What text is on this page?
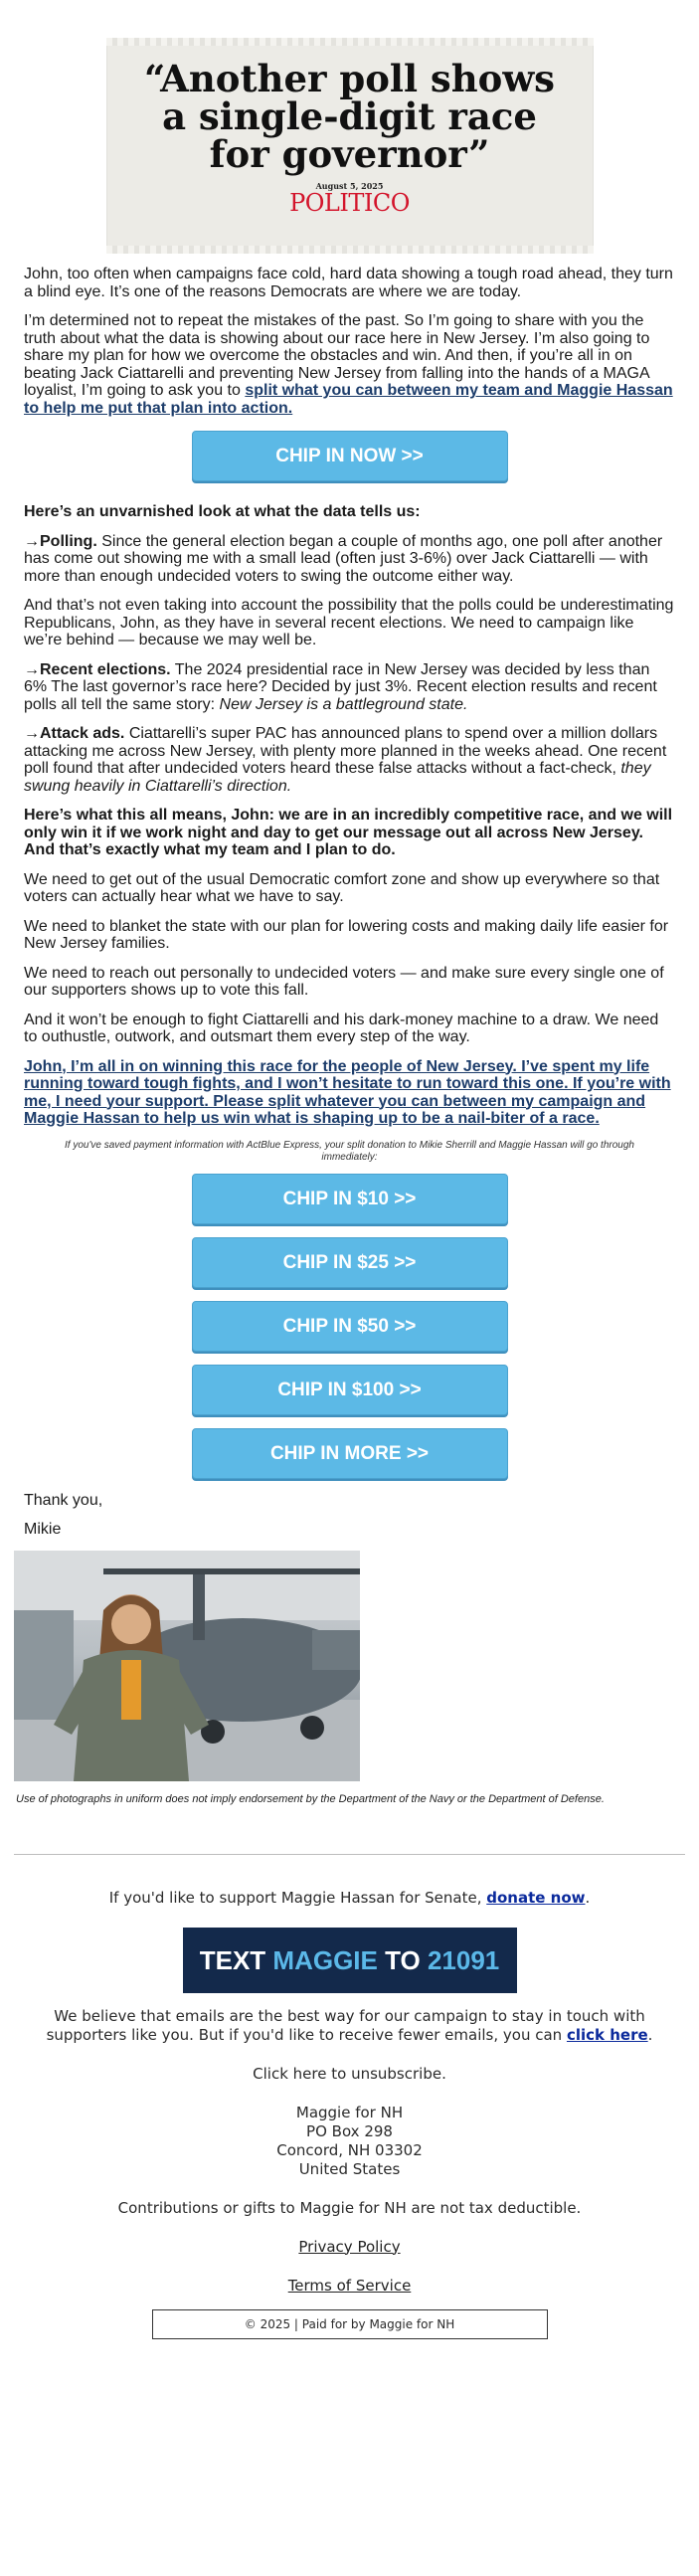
“Another poll shows a single-digit race for governor”
August 5, 2025
POLITICO

John, too often when campaigns face cold, hard data showing a tough road ahead, they turn a blind eye. It’s one of the reasons Democrats are where we are today.

I’m determined not to repeat the mistakes of the past. So I’m going to share with you the truth about what the data is showing about our race here in New Jersey. I’m also going to share my plan for how we overcome the obstacles and win. And then, if you’re all in on beating Jack Ciattarelli and preventing New Jersey from falling into the hands of a MAGA loyalist, I’m going to ask you to split what you can between my team and Maggie Hassan to help me put that plan into action.

CHIP IN NOW >>

Here’s an unvarnished look at what the data tells us:

→Polling. Since the general election began a couple of months ago, one poll after another has come out showing me with a small lead (often just 3-6%) over Jack Ciattarelli — with more than enough undecided voters to swing the outcome either way.

And that’s not even taking into account the possibility that the polls could be underestimating Republicans, John, as they have in several recent elections. We need to campaign like we’re behind — because we may well be.

→Recent elections. The 2024 presidential race in New Jersey was decided by less than 6% The last governor’s race here? Decided by just 3%. Recent election results and recent polls all tell the same story: New Jersey is a battleground state.

→Attack ads. Ciattarelli’s super PAC has announced plans to spend over a million dollars attacking me across New Jersey, with plenty more planned in the weeks ahead. One recent poll found that after undecided voters heard these false attacks without a fact-check, they swung heavily in Ciattarelli’s direction.

Here’s what this all means, John: we are in an incredibly competitive race, and we will only win it if we work night and day to get our message out all across New Jersey. And that’s exactly what my team and I plan to do.

We need to get out of the usual Democratic comfort zone and show up everywhere so that voters can actually hear what we have to say.

We need to blanket the state with our plan for lowering costs and making daily life easier for New Jersey families.

We need to reach out personally to undecided voters — and make sure every single one of our supporters shows up to vote this fall.

And it won’t be enough to fight Ciattarelli and his dark-money machine to a draw. We need to outhustle, outwork, and outsmart them every step of the way.

John, I’m all in on winning this race for the people of New Jersey. I’ve spent my life running toward tough fights, and I won’t hesitate to run toward this one. If you’re with me, I need your support. Please split whatever you can between my campaign and Maggie Hassan to help us win what is shaping up to be a nail-biter of a race.

If you've saved payment information with ActBlue Express, your split donation to Mikie Sherrill and Maggie Hassan will go through immediately:
CHIP IN $10 >>
CHIP IN $25 >>
CHIP IN $50 >>
CHIP IN $100 >>
CHIP IN MORE >>

Thank you,

Mikie

Use of photographs in uniform does not imply endorsement by the Department of the Navy or the Department of Defense.

If you'd like to support Maggie Hassan for Senate, donate now.

TEXT MAGGIE TO 21091

We believe that emails are the best way for our campaign to stay in touch with supporters like you. But if you'd like to receive fewer emails, you can click here.

Click here to unsubscribe.

Maggie for NH
PO Box 298
Concord, NH 03302
United States

Contributions or gifts to Maggie for NH are not tax deductible.

Privacy Policy

Terms of Service

© 2025 | Paid for by Maggie for NH
